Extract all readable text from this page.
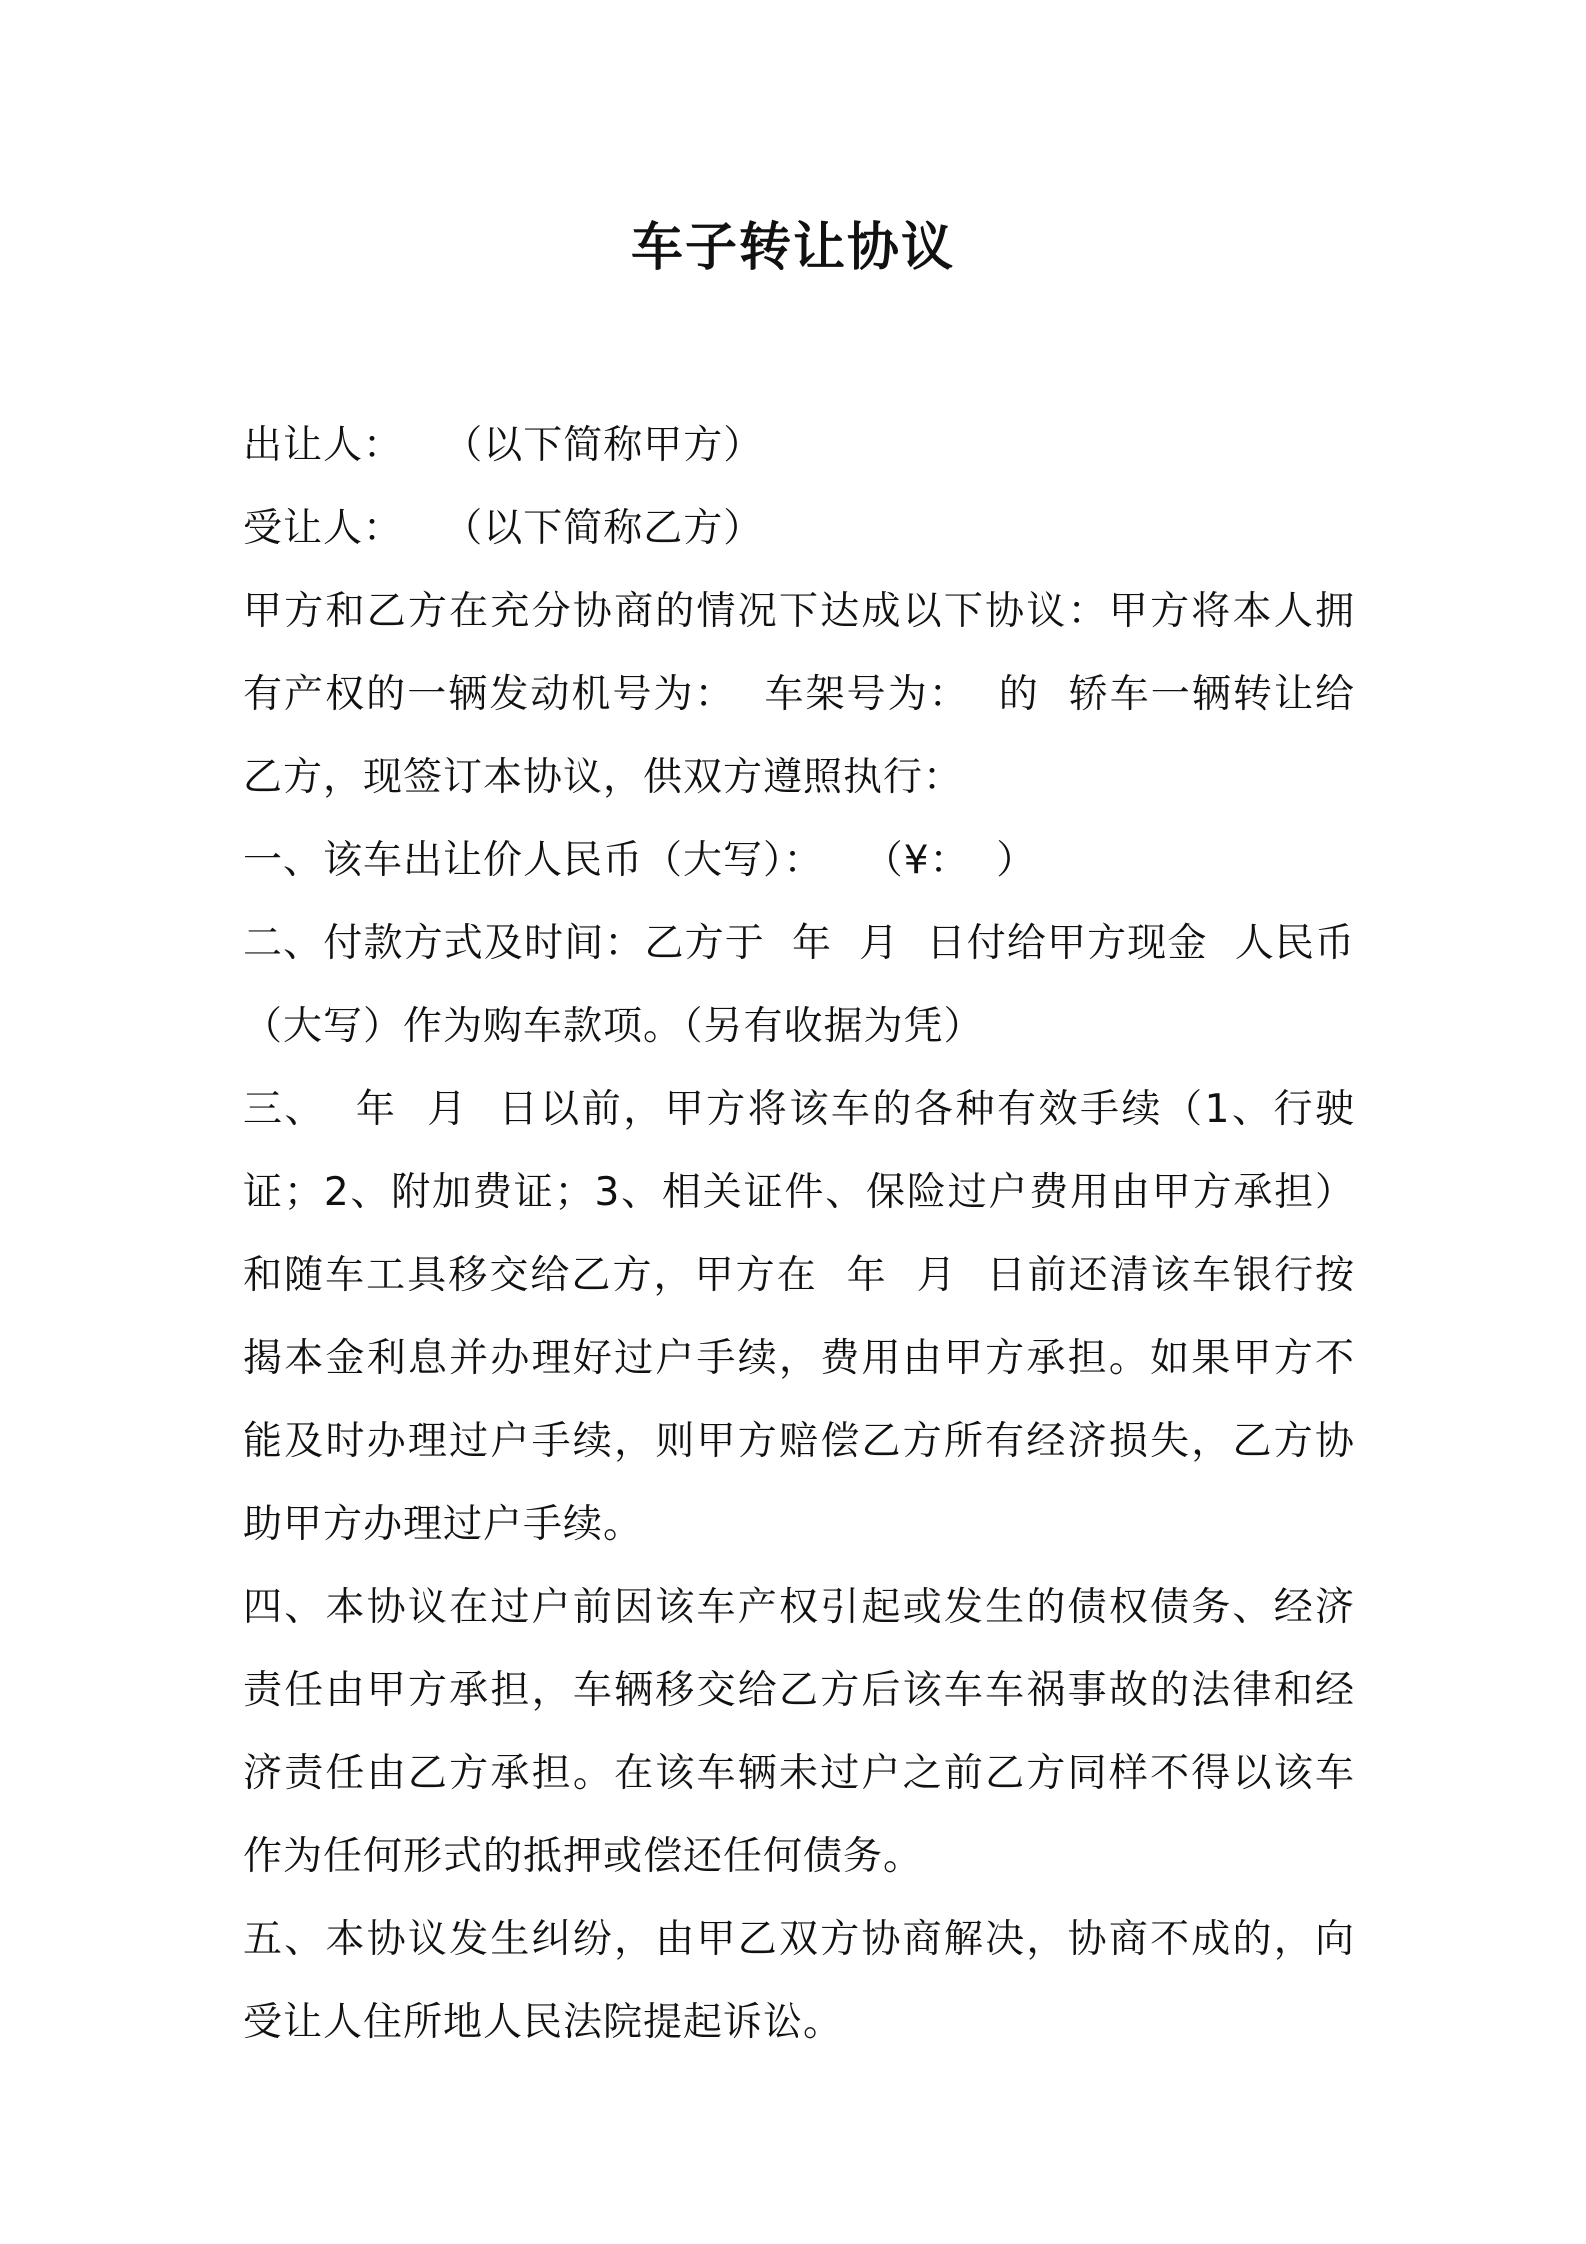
车子转让协议

出让人：   （以下简称甲方）

受让人：   （以下简称乙方）

甲方和乙方在充分协商的情况下达成以下协议：甲方将本人拥有产权的一辆发动机号为：  车架号为：  的  轿车一辆转让给乙方，现签订本协议，供双方遵照执行：

一、该车出让价人民币（大写）：   （¥：  ）

二、付款方式及时间：乙方于  年  月  日付给甲方现金  人民币（大写）作为购车款项。（另有收据为凭）

三、  年  月  日以前，甲方将该车的各种有效手续（1、行驶证；2、附加费证；3、相关证件、保险过户费用由甲方承担）和随车工具移交给乙方，甲方在  年  月  日前还清该车银行按揭本金利息并办理好过户手续，费用由甲方承担。如果甲方不能及时办理过户手续，则甲方赔偿乙方所有经济损失，乙方协助甲方办理过户手续。

四、本协议在过户前因该车产权引起或发生的债权债务、经济责任由甲方承担，车辆移交给乙方后该车车祸事故的法律和经济责任由乙方承担。在该车辆未过户之前乙方同样不得以该车作为任何形式的抵押或偿还任何债务。

五、本协议发生纠纷，由甲乙双方协商解决，协商不成的，向受让人住所地人民法院提起诉讼。
